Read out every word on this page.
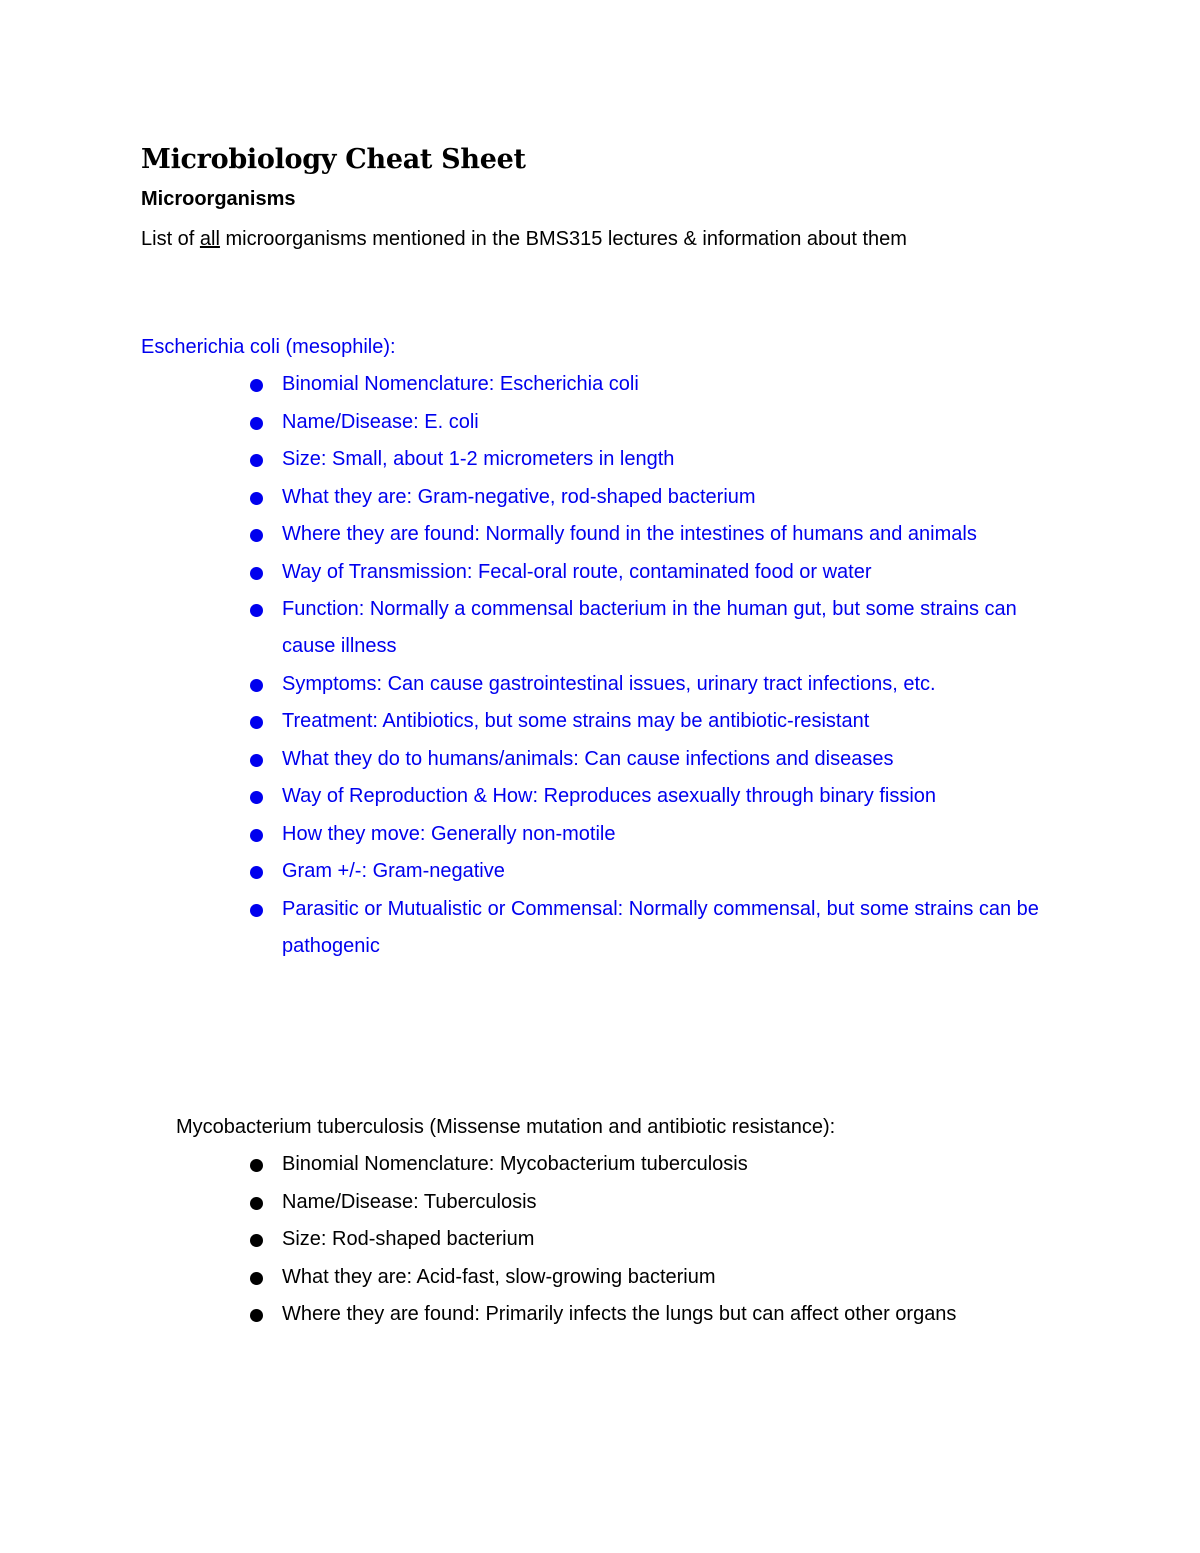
Microbiology Cheat Sheet
Microorganisms

List of all microorganisms mentioned in the BMS315 lectures & information about them

Escherichia coli (mesophile):

Binomial Nomenclature: Escherichia coli
Name/Disease: E. coli
Size: Small, about 1-2 micrometers in length
What they are: Gram-negative, rod-shaped bacterium
Where they are found: Normally found in the intestines of humans and animals
Way of Transmission: Fecal-oral route, contaminated food or water
Function: Normally a commensal bacterium in the human gut, but some strains can cause illness
Symptoms: Can cause gastrointestinal issues, urinary tract infections, etc.
Treatment: Antibiotics, but some strains may be antibiotic-resistant
What they do to humans/animals: Can cause infections and diseases
Way of Reproduction & How: Reproduces asexually through binary fission
How they move: Generally non-motile
Gram +/-: Gram-negative
Parasitic or Mutualistic or Commensal: Normally commensal, but some strains can be pathogenic

Mycobacterium tuberculosis (Missense mutation and antibiotic resistance):

Binomial Nomenclature: Mycobacterium tuberculosis
Name/Disease: Tuberculosis
Size: Rod-shaped bacterium
What they are: Acid-fast, slow-growing bacterium
Where they are found: Primarily infects the lungs but can affect other organs
